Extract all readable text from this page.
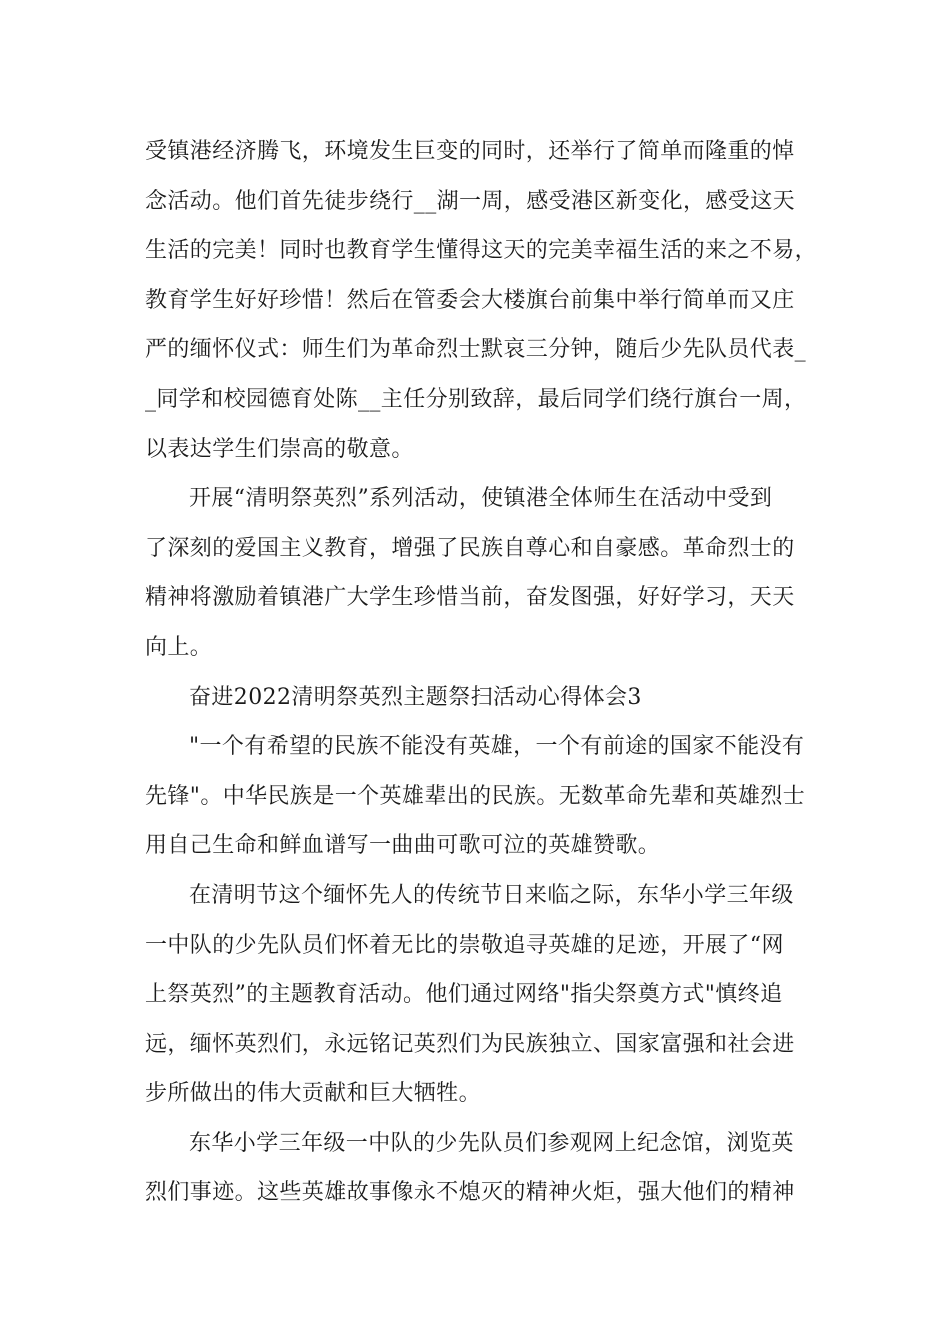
受镇港经济腾飞，环境发生巨变的同时，还举行了简单而隆重的悼
念活动。他们首先徒步绕行__湖一周，感受港区新变化，感受这天
生活的完美！同时也教育学生懂得这天的完美幸福生活的来之不易，
教育学生好好珍惜！然后在管委会大楼旗台前集中举行简单而又庄
严的缅怀仪式：师生们为革命烈士默哀三分钟，随后少先队员代表_
_同学和校园德育处陈__主任分别致辞，最后同学们绕行旗台一周，
以表达学生们崇高的敬意。
开展“清明祭英烈”系列活动，使镇港全体师生在活动中受到
了深刻的爱国主义教育，增强了民族自尊心和自豪感。革命烈士的
精神将激励着镇港广大学生珍惜当前，奋发图强，好好学习，天天
向上。
奋进2022清明祭英烈主题祭扫活动心得体会3
"一个有希望的民族不能没有英雄，一个有前途的国家不能没有
先锋"。中华民族是一个英雄辈出的民族。无数革命先辈和英雄烈士
用自己生命和鲜血谱写一曲曲可歌可泣的英雄赞歌。
在清明节这个缅怀先人的传统节日来临之际，东华小学三年级
一中队的少先队员们怀着无比的崇敬追寻英雄的足迹，开展了“网
上祭英烈”的主题教育活动。他们通过网络"指尖祭奠方式"慎终追
远，缅怀英烈们，永远铭记英烈们为民族独立、国家富强和社会进
步所做出的伟大贡献和巨大牺牲。
东华小学三年级一中队的少先队员们参观网上纪念馆，浏览英
烈们事迹。这些英雄故事像永不熄灭的精神火炬，强大他们的精神
